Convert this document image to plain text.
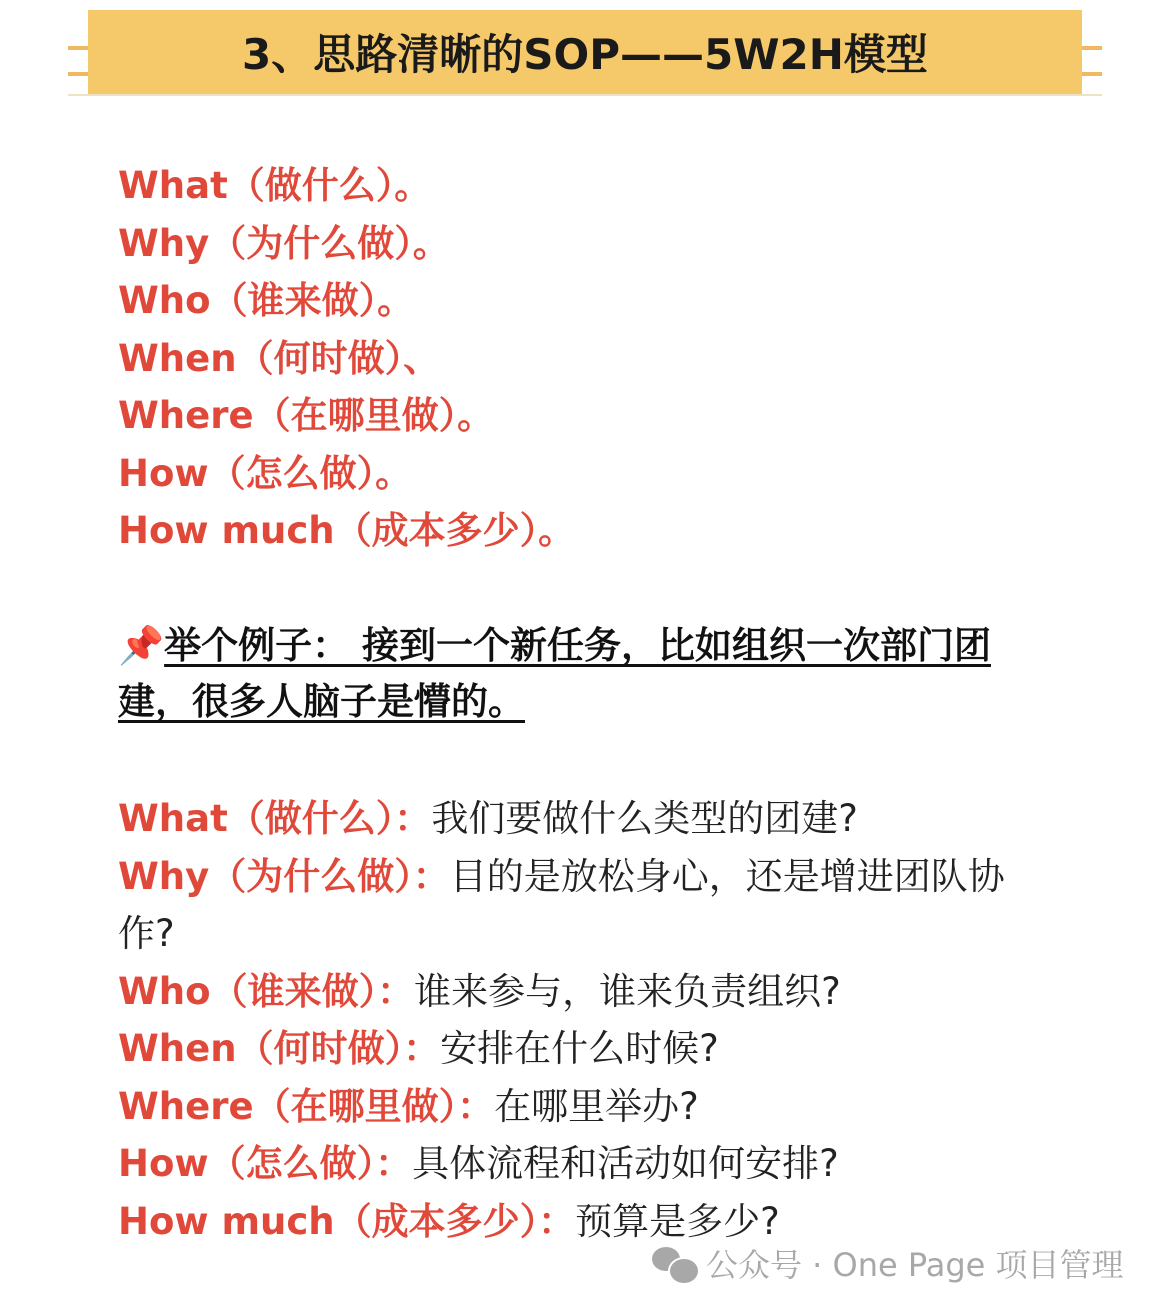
3、思路清晰的SOP——5W2H模型
What（做什么）。
Why（为什么做）。
Who（谁来做）。
When（何时做）、
Where（在哪里做）。
How（怎么做）。
How much（成本多少）。
📌举个例子： 接到一个新任务，比如组织一次部门团建，很多人脑子是懵的。
What（做什么）：我们要做什么类型的团建?
Why（为什么做）：目的是放松身心，还是增进团队协作?
Who（谁来做）：谁来参与，谁来负责组织?
When（何时做）：安排在什么时候?
Where（在哪里做）：在哪里举办?
How（怎么做）：具体流程和活动如何安排?
How much（成本多少）：预算是多少?
公众号 · One Page 项目管理
